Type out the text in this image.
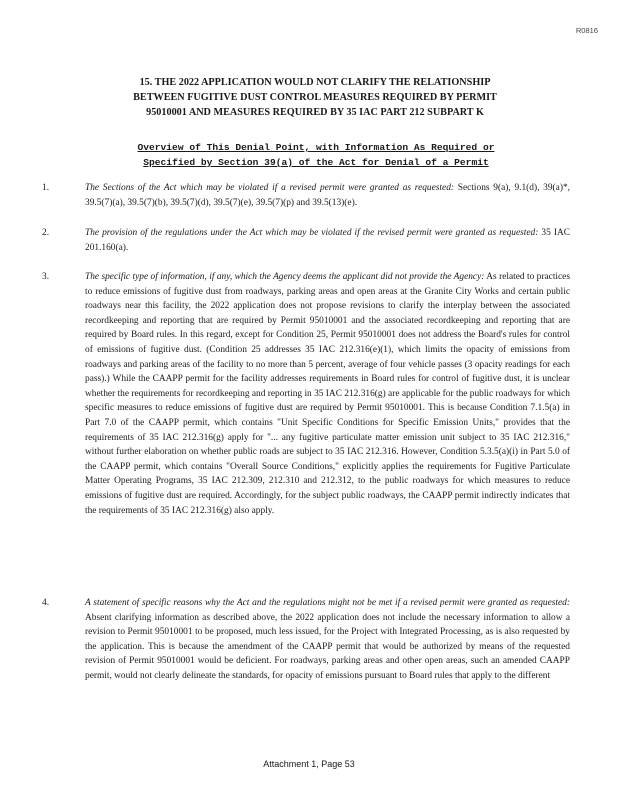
R0816
15. THE 2022 APPLICATION WOULD NOT CLARIFY THE RELATIONSHIP
BETWEEN FUGITIVE DUST CONTROL MEASURES REQUIRED BY PERMIT
95010001 AND MEASURES REQUIRED BY 35 IAC PART 212 SUBPART K
Overview of This Denial Point, with Information As Required or
Specified by Section 39(a) of the Act for Denial of a Permit
1.	The Sections of the Act which may be violated if a revised permit were granted as requested: Sections 9(a), 9.1(d), 39(a)*, 39.5(7)(a), 39.5(7)(b), 39.5(7)(d), 39.5(7)(e), 39.5(7)(p) and 39.5(13)(e).

2.	The provision of the regulations under the Act which may be violated if the revised permit were granted as requested: 35 IAC 201.160(a).

3.	The specific type of information, if any, which the Agency deems the applicant did not provide the Agency: As related to practices to reduce emissions of fugitive dust from roadways, parking areas and open areas at the Granite City Works and certain public roadways near this facility, the 2022 application does not propose revisions to clarify the interplay between the associated recordkeeping and reporting that are required by Permit 95010001 and the associated recordkeeping and reporting that are required by Board rules. In this regard, except for Condition 25, Permit 95010001 does not address the Board's rules for control of emissions of fugitive dust. (Condition 25 addresses 35 IAC 212.316(e)(1), which limits the opacity of emissions from roadways and parking areas of the facility to no more than 5 percent, average of four vehicle passes (3 opacity readings for each pass).) While the CAAPP permit for the facility addresses requirements in Board rules for control of fugitive dust, it is unclear whether the requirements for recordkeeping and reporting in 35 IAC 212.316(g) are applicable for the public roadways for which specific measures to reduce emissions of fugitive dust are required by Permit 95010001. This is because Condition 7.1.5(a) in Part 7.0 of the CAAPP permit, which contains "Unit Specific Conditions for Specific Emission Units," provides that the requirements of 35 IAC 212.316(g) apply for "... any fugitive particulate matter emission unit subject to 35 IAC 212.316," without further elaboration on whether public roads are subject to 35 IAC 212.316. However, Condition 5.3.5(a)(i) in Part 5.0 of the CAAPP permit, which contains "Overall Source Conditions," explicitly applies the requirements for Fugitive Particulate Matter Operating Programs, 35 IAC 212.309, 212.310 and 212.312, to the public roadways for which measures to reduce emissions of fugitive dust are required. Accordingly, for the subject public roadways, the CAAPP permit indirectly indicates that the requirements of 35 IAC 212.316(g) also apply.

4.	A statement of specific reasons why the Act and the regulations might not be met if a revised permit were granted as requested: Absent clarifying information as described above, the 2022 application does not include the necessary information to allow a revision to Permit 95010001 to be proposed, much less issued, for the Project with Integrated Processing, as is also requested by the application. This is because the amendment of the CAAPP permit that would be authorized by means of the requested revision of Permit 95010001 would be deficient. For roadways, parking areas and other open areas, such an amended CAAPP permit, would not clearly delineate the standards, for opacity of emissions pursuant to Board rules that apply to the different

Attachment 1, Page 53
